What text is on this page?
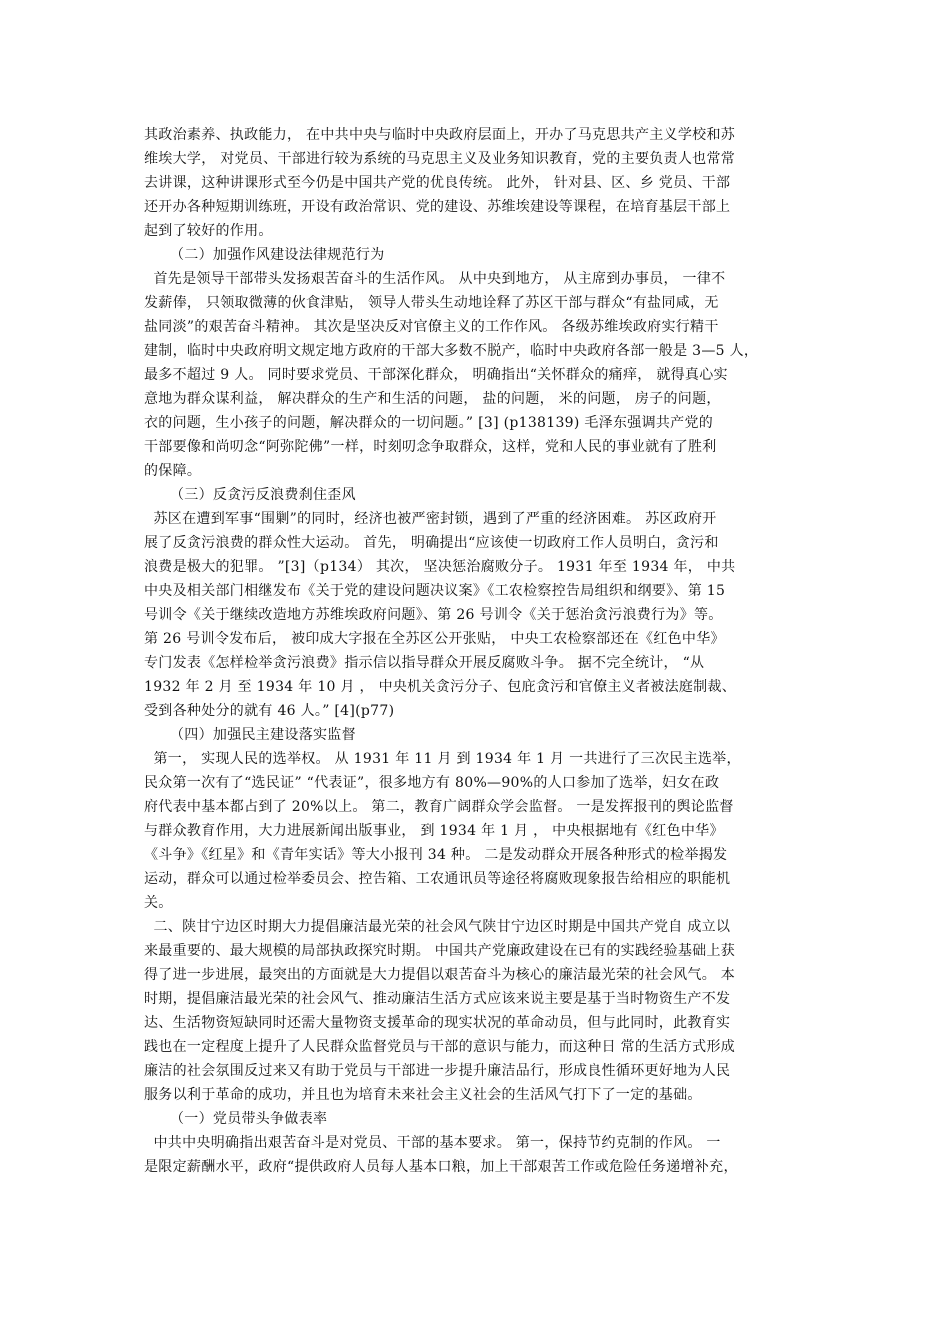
其政治素养、执政能力， 在中共中央与临时中央政府层面上，开办了马克思共产主义学校和苏
维埃大学， 对党员、干部进行较为系统的马克思主义及业务知识教育，党的主要负责人也常常
去讲课，这种讲课形式至今仍是中国共产党的优良传统。 此外， 针对县、区、乡 党员、干部
还开办各种短期训练班，开设有政治常识、党的建设、苏维埃建设等课程，在培育基层干部上
起到了较好的作用。
（二）加强作风建设法律规范行为
首先是领导干部带头发扬艰苦奋斗的生活作风。 从中央到地方， 从主席到办事员， 一律不
发薪俸， 只领取微薄的伙食津贴， 领导人带头生动地诠释了苏区干部与群众“有盐同咸，无
盐同淡”的艰苦奋斗精神。 其次是坚决反对官僚主义的工作作风。 各级苏维埃政府实行精干
建制，临时中央政府明文规定地方政府的干部大多数不脱产，临时中央政府各部一般是 3—5 人，
最多不超过 9 人。 同时要求党员、干部深化群众， 明确指出“关怀群众的痛痒， 就得真心实
意地为群众谋利益， 解决群众的生产和生活的问题， 盐的问题， 米的问题， 房子的问题，
衣的问题，生小孩子的问题，解决群众的一切问题。” [3] (p138139) 毛泽东强调共产党的
干部要像和尚叨念“阿弥陀佛”一样，时刻叨念争取群众，这样，党和人民的事业就有了胜利
的保障。
（三）反贪污反浪费刹住歪风
苏区在遭到军事“围剿”的同时，经济也被严密封锁，遇到了严重的经济困难。 苏区政府开
展了反贪污浪费的群众性大运动。 首先， 明确提出“应该使一切政府工作人员明白，贪污和
浪费是极大的犯罪。 ”[3]（p134） 其次， 坚决惩治腐败分子。 1931 年至 1934 年， 中共
中央及相关部门相继发布《关于党的建设问题决议案》《工农检察控告局组织和纲要》、第 15
号训令《关于继续改造地方苏维埃政府问题》、第 26 号训令《关于惩治贪污浪费行为》等。
第 26 号训令发布后， 被印成大字报在全苏区公开张贴， 中央工农检察部还在《红色中华》
专门发表《怎样检举贪污浪费》指示信以指导群众开展反腐败斗争。 据不完全统计， “从
1932 年 2 月 至 1934 年 10 月 ， 中央机关贪污分子、包庇贪污和官僚主义者被法庭制裁、
受到各种处分的就有 46 人。” [4](p77)
（四）加强民主建设落实监督
第一， 实现人民的选举权。 从 1931 年 11 月 到 1934 年 1 月 一共进行了三次民主选举，
民众第一次有了“选民证” “代表证”，很多地方有 80%—90%的人口参加了选举，妇女在政
府代表中基本都占到了 20%以上。 第二，教育广阔群众学会监督。 一是发挥报刊的舆论监督
与群众教育作用，大力进展新闻出版事业， 到 1934 年 1 月 ， 中央根据地有《红色中华》
《斗争》《红星》和《青年实话》等大小报刊 34 种。 二是发动群众开展各种形式的检举揭发
运动，群众可以通过检举委员会、控告箱、工农通讯员等途径将腐败现象报告给相应的职能机
关。
二、陕甘宁边区时期大力提倡廉洁最光荣的社会风气陕甘宁边区时期是中国共产党自 成立以
来最重要的、最大规模的局部执政探究时期。 中国共产党廉政建设在已有的实践经验基础上获
得了进一步进展，最突出的方面就是大力提倡以艰苦奋斗为核心的廉洁最光荣的社会风气。 本
时期，提倡廉洁最光荣的社会风气、推动廉洁生活方式应该来说主要是基于当时物资生产不发
达、生活物资短缺同时还需大量物资支援革命的现实状况的革命动员，但与此同时，此教育实
践也在一定程度上提升了人民群众监督党员与干部的意识与能力，而这种日 常的生活方式形成
廉洁的社会氛围反过来又有助于党员与干部进一步提升廉洁品行，形成良性循环更好地为人民
服务以利于革命的成功，并且也为培育未来社会主义社会的生活风气打下了一定的基础。
（一）党员带头争做表率
中共中央明确指出艰苦奋斗是对党员、干部的基本要求。 第一，保持节约克制的作风。 一
是限定薪酬水平，政府“提供政府人员每人基本口粮，加上干部艰苦工作或危险任务递增补充，
